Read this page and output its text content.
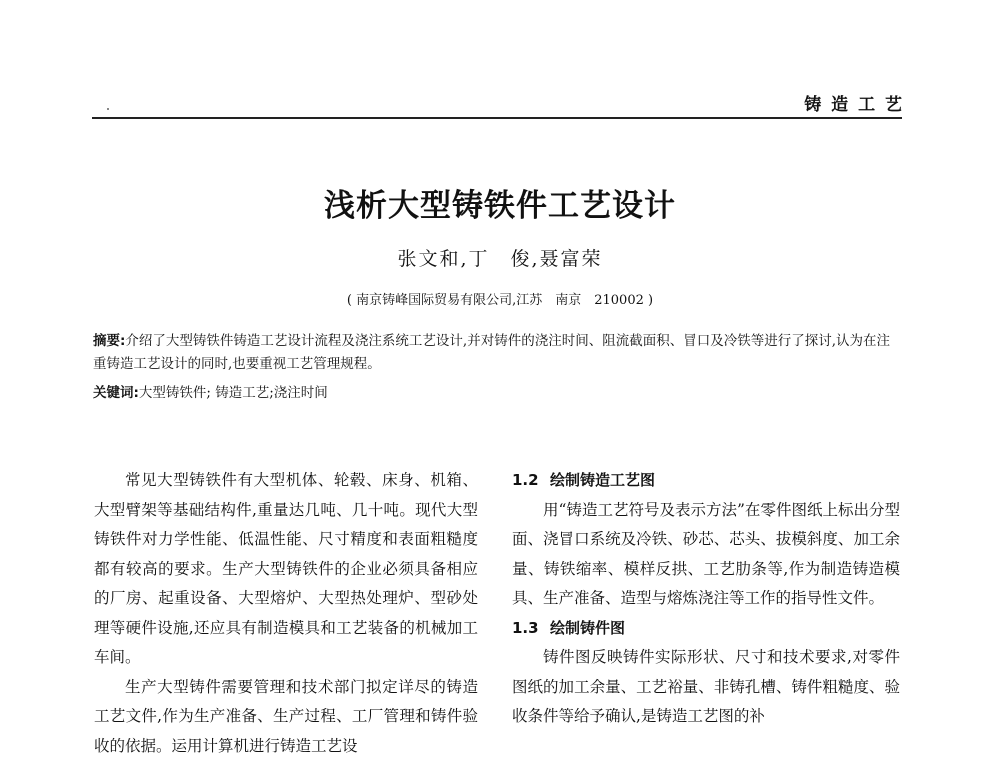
铸 造 工 艺
浅析大型铸铁件工艺设计
张文和,丁　俊,聂富荣
( 南京铸峰国际贸易有限公司,江苏　南京　210002 )
摘要:介绍了大型铸铁件铸造工艺设计流程及浇注系统工艺设计,并对铸件的浇注时间、阻流截面积、冒口及冷铁等进行了探讨,认为在注重铸造工艺设计的同时,也要重视工艺管理规程。
关键词:大型铸铁件; 铸造工艺;浇注时间

常见大型铸铁件有大型机体、轮毂、床身、机箱、大型臂架等基础结构件,重量达几吨、几十吨。现代大型铸铁件对力学性能、低温性能、尺寸精度和表面粗糙度都有较高的要求。生产大型铸铁件的企业必须具备相应的厂房、起重设备、大型熔炉、大型热处理炉、型砂处理等硬件设施,还应具有制造模具和工艺装备的机械加工车间。

生产大型铸件需要管理和技术部门拟定详尽的铸造工艺文件,作为生产准备、生产过程、工厂管理和铸件验收的依据。运用计算机进行铸造工艺设

1.2 绘制铸造工艺图

用“铸造工艺符号及表示方法”在零件图纸上标出分型面、浇冒口系统及冷铁、砂芯、芯头、拔模斜度、加工余量、铸铁缩率、模样反拱、工艺肋条等,作为制造铸造模具、生产准备、造型与熔炼浇注等工作的指导性文件。

1.3 绘制铸件图

铸件图反映铸件实际形状、尺寸和技术要求,对零件图纸的加工余量、工艺裕量、非铸孔槽、铸件粗糙度、验收条件等给予确认,是铸造工艺图的补
